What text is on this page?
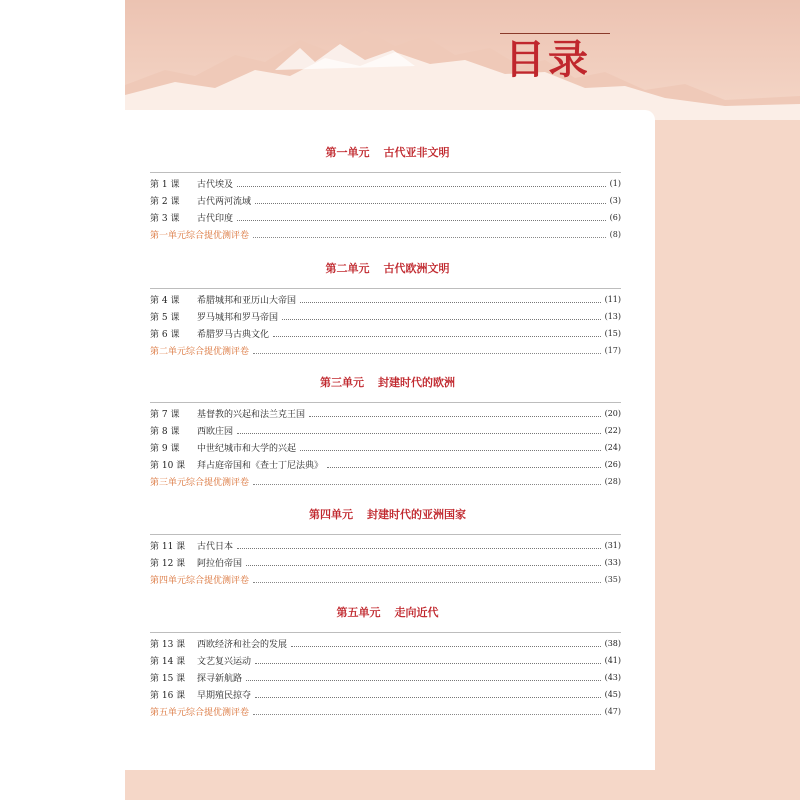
目录
第一单元 古代亚非文明
第 1 课 古代埃及	(1)
第 2 课 古代两河流域	(3)
第 3 课 古代印度	(6)
第一单元综合提优测评卷	(8)
第二单元 古代欧洲文明
第 4 课 希腊城邦和亚历山大帝国	(11)
第 5 课 罗马城邦和罗马帝国	(13)
第 6 课 希腊罗马古典文化	(15)
第二单元综合提优测评卷	(17)
第三单元 封建时代的欧洲
第 7 课 基督教的兴起和法兰克王国	(20)
第 8 课 西欧庄园	(22)
第 9 课 中世纪城市和大学的兴起	(24)
第 10 课 拜占庭帝国和《查士丁尼法典》	(26)
第三单元综合提优测评卷	(28)
第四单元 封建时代的亚洲国家
第 11 课 古代日本	(31)
第 12 课 阿拉伯帝国	(33)
第四单元综合提优测评卷	(35)
第五单元 走向近代
第 13 课 西欧经济和社会的发展	(38)
第 14 课 文艺复兴运动	(41)
第 15 课 探寻新航路	(43)
第 16 课 早期殖民掠夺	(45)
第五单元综合提优测评卷	(47)
